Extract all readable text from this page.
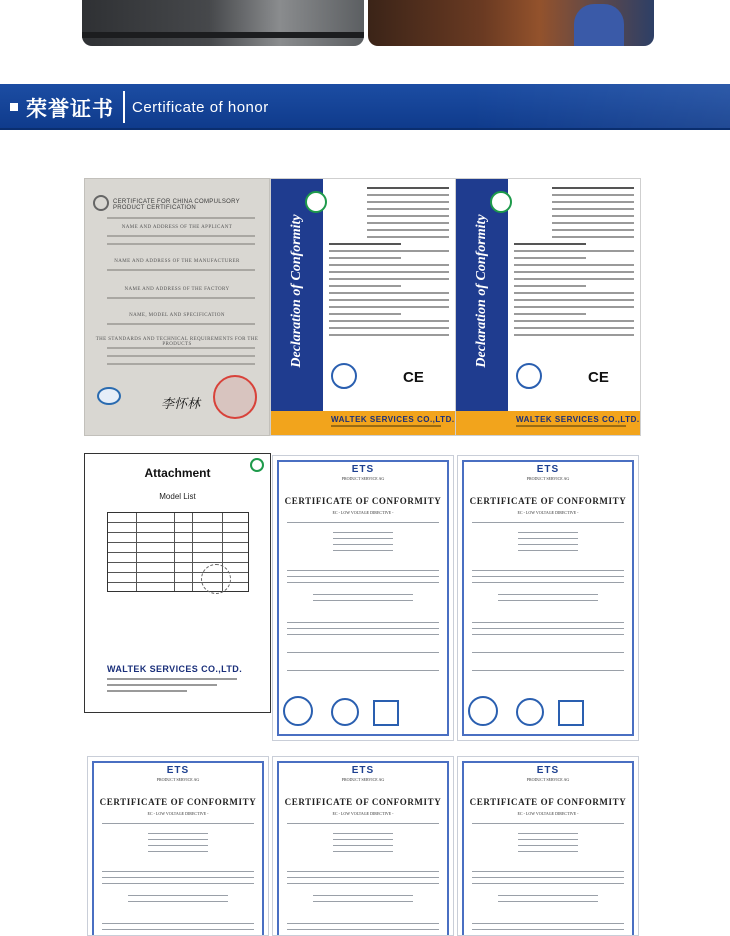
荣誉证书 Certificate of honor
CERTIFICATE FOR CHINA COMPULSORY PRODUCT CERTIFICATION
NAME AND ADDRESS OF THE APPLICANT
NAME AND ADDRESS OF THE MANUFACTURER
NAME AND ADDRESS OF THE FACTORY
NAME, MODEL AND SPECIFICATION
THE STANDARDS AND TECHNICAL REQUIREMENTS FOR THE PRODUCTS
李怀林
Declaration of Conformity
CE
WALTEK SERVICES CO.,LTD.
Declaration of Conformity
CE
WALTEK SERVICES CO.,LTD.
Attachment
Model List
WALTEK SERVICES CO.,LTD.
ETS
PRODUCT SERVICE AG
CERTIFICATE OF CONFORMITY
EC - LOW VOLTAGE DIRECTIVE -
ETS
PRODUCT SERVICE AG
CERTIFICATE OF CONFORMITY
EC - LOW VOLTAGE DIRECTIVE -
ETS
PRODUCT SERVICE AG
CERTIFICATE OF CONFORMITY
EC - LOW VOLTAGE DIRECTIVE -
ETS
PRODUCT SERVICE AG
CERTIFICATE OF CONFORMITY
EC - LOW VOLTAGE DIRECTIVE -
ETS
PRODUCT SERVICE AG
CERTIFICATE OF CONFORMITY
EC - LOW VOLTAGE DIRECTIVE -
